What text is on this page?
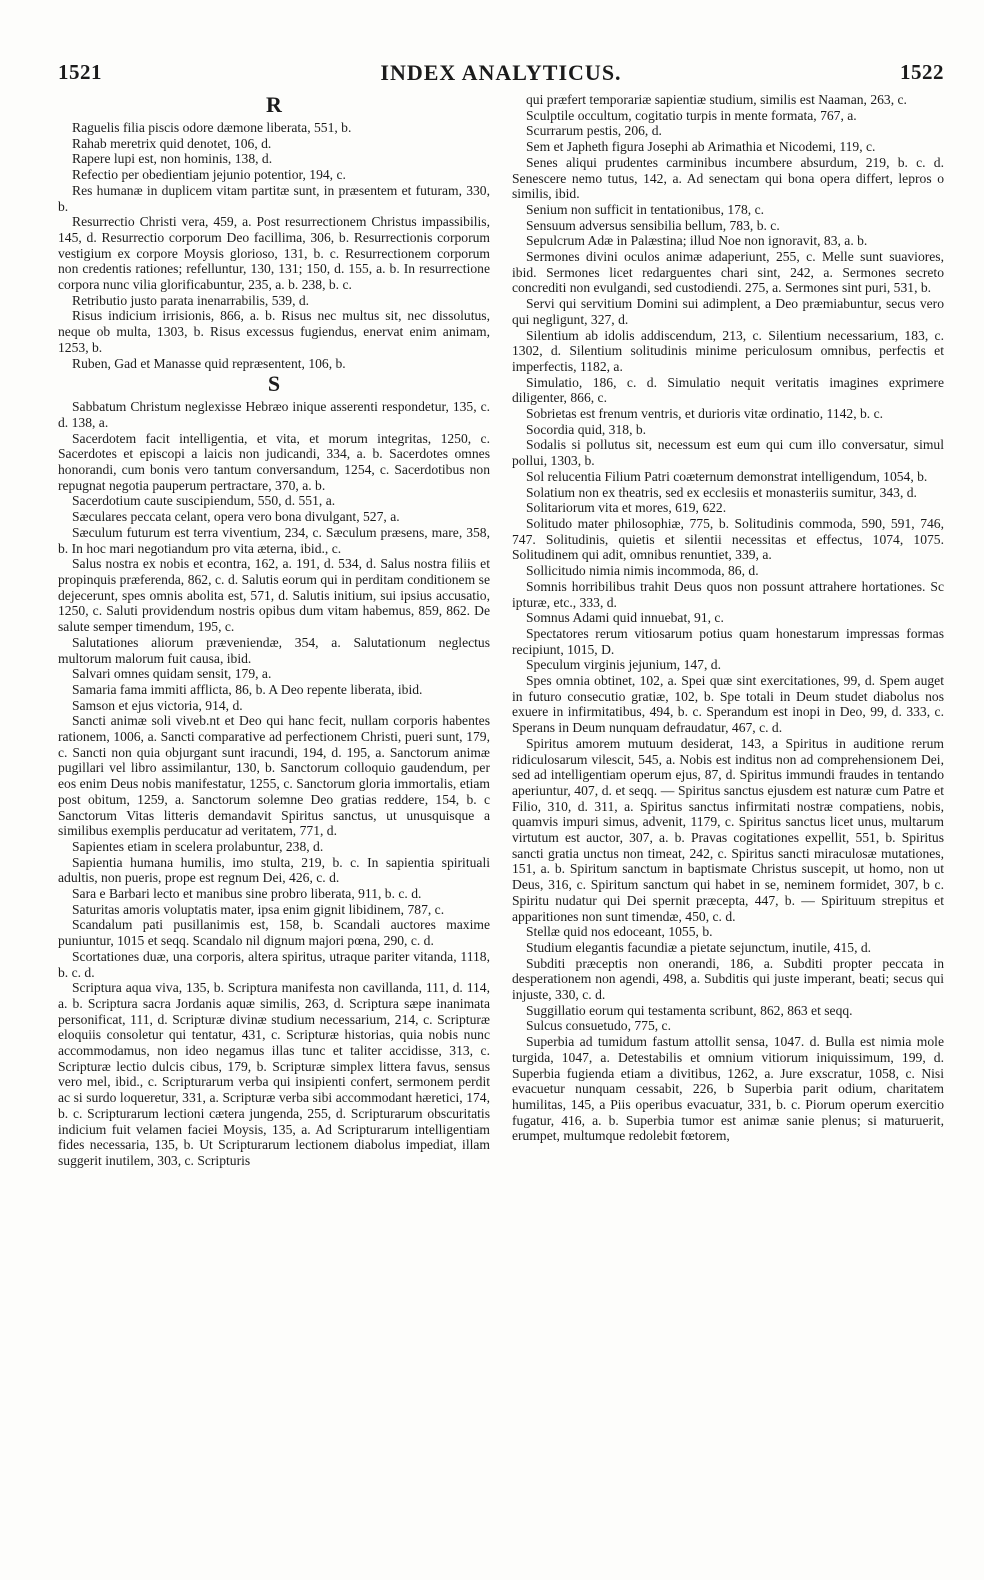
1521	INDEX ANALYTICUS.	1522
R

Raguelis filia piscis odore dæmone liberata, 551, b.

Rahab meretrix quid denotet, 106, d.

Rapere lupi est, non hominis, 138, d.

Refectio per obedientiam jejunio potentior, 194, c.

Res humanæ in duplicem vitam partitæ sunt, in præsentem et futuram, 330, b.

Resurrectio Christi vera, 459, a. Post resurrectionem Christus impassibilis, 145, d. Resurrectio corporum Deo facillima, 306, b. Resurrectionis corporum vestigium ex corpore Moysis glorioso, 131, b. c. Resurrectionem corporum non credentis rationes; refelluntur, 130, 131; 150, d. 155, a. b. In resurrectione corpora nunc vilia glorificabuntur, 235, a. b. 238, b. c.

Retributio justo parata inenarrabilis, 539, d.

Risus indicium irrisionis, 866, a. b. Risus nec multus sit, nec dissolutus, neque ob multa, 1303, b. Risus excessus fugiendus, enervat enim animam, 1253, b.

Ruben, Gad et Manasse quid repræsentent, 106, b.

S

Sabbatum Christum neglexisse Hebræo inique asserenti respondetur, 135, c. d. 138, a.

Sacerdotem facit intelligentia, et vita, et morum integritas, 1250, c. Sacerdotes et episcopi a laicis non judicandi, 334, a. b. Sacerdotes omnes honorandi, cum bonis vero tantum conversandum, 1254, c. Sacerdotibus non repugnat negotia pauperum pertractare, 370, a. b.

Sacerdotium caute suscipiendum, 550, d. 551, a.

Sæculares peccata celant, opera vero bona divulgant, 527, a.

Sæculum futurum est terra viventium, 234, c. Sæculum præsens, mare, 358, b. In hoc mari negotiandum pro vita æterna, ibid., c.

Salus nostra ex nobis et econtra, 162, a. 191, d. 534, d. Salus nostra filiis et propinquis præferenda, 862, c. d. Salutis eorum qui in perditam conditionem se dejecerunt, spes omnis abolita est, 571, d. Salutis initium, sui ipsius accusatio, 1250, c. Saluti providendum nostris opibus dum vitam habemus, 859, 862. De salute semper timendum, 195, c.

Salutationes aliorum præveniendæ, 354, a. Salutationum neglectus multorum malorum fuit causa, ibid.

Salvari omnes quidam sensit, 179, a.

Samaria fama immiti afflicta, 86, b. A Deo repente liberata, ibid.

Samson et ejus victoria, 914, d.

Sancti animæ soli viveb.nt et Deo qui hanc fecit, nullam corporis habentes rationem, 1006, a. Sancti comparative ad perfectionem Christi, pueri sunt, 179, c. Sancti non quia objurgant sunt iracundi, 194, d. 195, a. Sanctorum animæ pugillari vel libro assimilantur, 130, b. Sanctorum colloquio gaudendum, per eos enim Deus nobis manifestatur, 1255, c. Sanctorum gloria immortalis, etiam post obitum, 1259, a. Sanctorum solemne Deo gratias reddere, 154, b. c Sanctorum Vitas litteris demandavit Spiritus sanctus, ut unusquisque a similibus exemplis perducatur ad veritatem, 771, d.

Sapientes etiam in scelera prolabuntur, 238, d.

Sapientia humana humilis, imo stulta, 219, b. c. In sapientia spirituali adultis, non pueris, prope est regnum Dei, 426, c. d.

Sara e Barbari lecto et manibus sine probro liberata, 911, b. c. d.

Saturitas amoris voluptatis mater, ipsa enim gignit libidinem, 787, c.

Scandalum pati pusillanimis est, 158, b. Scandali auctores maxime puniuntur, 1015 et seqq. Scandalo nil dignum majori pœna, 290, c. d.

Scortationes duæ, una corporis, altera spiritus, utraque pariter vitanda, 1118, b. c. d.

Scriptura aqua viva, 135, b. Scriptura manifesta non cavillanda, 111, d. 114, a. b. Scriptura sacra Jordanis aquæ similis, 263, d. Scriptura sæpe inanimata personificat, 111, d. Scripturæ divinæ studium necessarium, 214, c. Scripturæ eloquiis consoletur qui tentatur, 431, c. Scripturæ historias, quia nobis nunc accommodamus, non ideo negamus illas tunc et taliter accidisse, 313, c. Scripturæ lectio dulcis cibus, 179, b. Scripturæ simplex littera favus, sensus vero mel, ibid., c. Scripturarum verba qui insipienti confert, sermonem perdit ac si surdo loqueretur, 331, a. Scripturæ verba sibi accommodant hæretici, 174, b. c. Scripturarum lectioni cætera jungenda, 255, d. Scripturarum obscuritatis indicium fuit velamen faciei Moysis, 135, a. Ad Scripturarum intelligentiam fides necessaria, 135, b. Ut Scripturarum lectionem diabolus impediat, illam suggerit inutilem, 303, c. Scripturis

qui præfert temporariæ sapientiæ studium, similis est Naaman, 263, c.

Sculptile occultum, cogitatio turpis in mente formata, 767, a.

Scurrarum pestis, 206, d.

Sem et Japheth figura Josephi ab Arimathia et Nicodemi, 119, c.

Senes aliqui prudentes carminibus incumbere absurdum, 219, b. c. d. Senescere nemo tutus, 142, a. Ad senectam qui bona opera differt, lepros o similis, ibid.

Senium non sufficit in tentationibus, 178, c.

Sensuum adversus sensibilia bellum, 783, b. c.

Sepulcrum Adæ in Palæstina; illud Noe non ignoravit, 83, a. b.

Sermones divini oculos animæ adaperiunt, 255, c. Melle sunt suaviores, ibid. Sermones licet redarguentes chari sint, 242, a. Sermones secreto concrediti non evulgandi, sed custodiendi. 275, a. Sermones sint puri, 531, b.

Servi qui servitium Domini sui adimplent, a Deo præmiabuntur, secus vero qui negligunt, 327, d.

Silentium ab idolis addiscendum, 213, c. Silentium necessarium, 183, c. 1302, d. Silentium solitudinis minime periculosum omnibus, perfectis et imperfectis, 1182, a.

Simulatio, 186, c. d. Simulatio nequit veritatis imagines exprimere diligenter, 866, c.

Sobrietas est frenum ventris, et durioris vitæ ordinatio, 1142, b. c.

Socordia quid, 318, b.

Sodalis si pollutus sit, necessum est eum qui cum illo conversatur, simul pollui, 1303, b.

Sol relucentia Filium Patri coæternum demonstrat intelligendum, 1054, b.

Solatium non ex theatris, sed ex ecclesiis et monasteriis sumitur, 343, d.

Solitariorum vita et mores, 619, 622.

Solitudo mater philosophiæ, 775, b. Solitudinis commoda, 590, 591, 746, 747. Solitudinis, quietis et silentii necessitas et effectus, 1074, 1075. Solitudinem qui adit, omnibus renuntiet, 339, a.

Sollicitudo nimia nimis incommoda, 86, d.

Somnis horribilibus trahit Deus quos non possunt attrahere hortationes. Sc ipturæ, etc., 333, d.

Somnus Adami quid innuebat, 91, c.

Spectatores rerum vitiosarum potius quam honestarum impressas formas recipiunt, 1015, D.

Speculum virginis jejunium, 147, d.

Spes omnia obtinet, 102, a. Spei quæ sint exercitationes, 99, d. Spem auget in futuro consecutio gratiæ, 102, b. Spe totali in Deum studet diabolus nos exuere in infirmitatibus, 494, b. c. Sperandum est inopi in Deo, 99, d. 333, c. Sperans in Deum nunquam defraudatur, 467, c. d.

Spiritus amorem mutuum desiderat, 143, a Spiritus in auditione rerum ridiculosarum vilescit, 545, a. Nobis est inditus non ad comprehensionem Dei, sed ad intelligentiam operum ejus, 87, d. Spiritus immundi fraudes in tentando aperiuntur, 407, d. et seqq. — Spiritus sanctus ejusdem est naturæ cum Patre et Filio, 310, d. 311, a. Spiritus sanctus infirmitati nostræ compatiens, nobis, quamvis impuri simus, advenit, 1179, c. Spiritus sanctus licet unus, multarum virtutum est auctor, 307, a. b. Pravas cogitationes expellit, 551, b. Spiritus sancti gratia unctus non timeat, 242, c. Spiritus sancti miraculosæ mutationes, 151, a. b. Spiritum sanctum in baptismate Christus suscepit, ut homo, non ut Deus, 316, c. Spiritum sanctum qui habet in se, neminem formidet, 307, b c. Spiritu nudatur qui Dei spernit præcepta, 447, b. — Spirituum strepitus et apparitiones non sunt timendæ, 450, c. d.

Stellæ quid nos edoceant, 1055, b.

Studium elegantis facundiæ a pietate sejunctum, inutile, 415, d.

Subditi præceptis non onerandi, 186, a. Subditi propter peccata in desperationem non agendi, 498, a. Subditis qui juste imperant, beati; secus qui injuste, 330, c. d.

Suggillatio eorum qui testamenta scribunt, 862, 863 et seqq.

Sulcus consuetudo, 775, c.

Superbia ad tumidum fastum attollit sensa, 1047. d. Bulla est nimia mole turgida, 1047, a. Detestabilis et omnium vitiorum iniquissimum, 199, d. Superbia fugienda etiam a divitibus, 1262, a. Jure exscratur, 1058, c. Nisi evacuetur nunquam cessabit, 226, b Superbia parit odium, charitatem humilitas, 145, a Piis operibus evacuatur, 331, b. c. Piorum operum exercitio fugatur, 416, a. b. Superbia tumor est animæ sanie plenus; si maturuerit, erumpet, multumque redolebit fœtorem,
